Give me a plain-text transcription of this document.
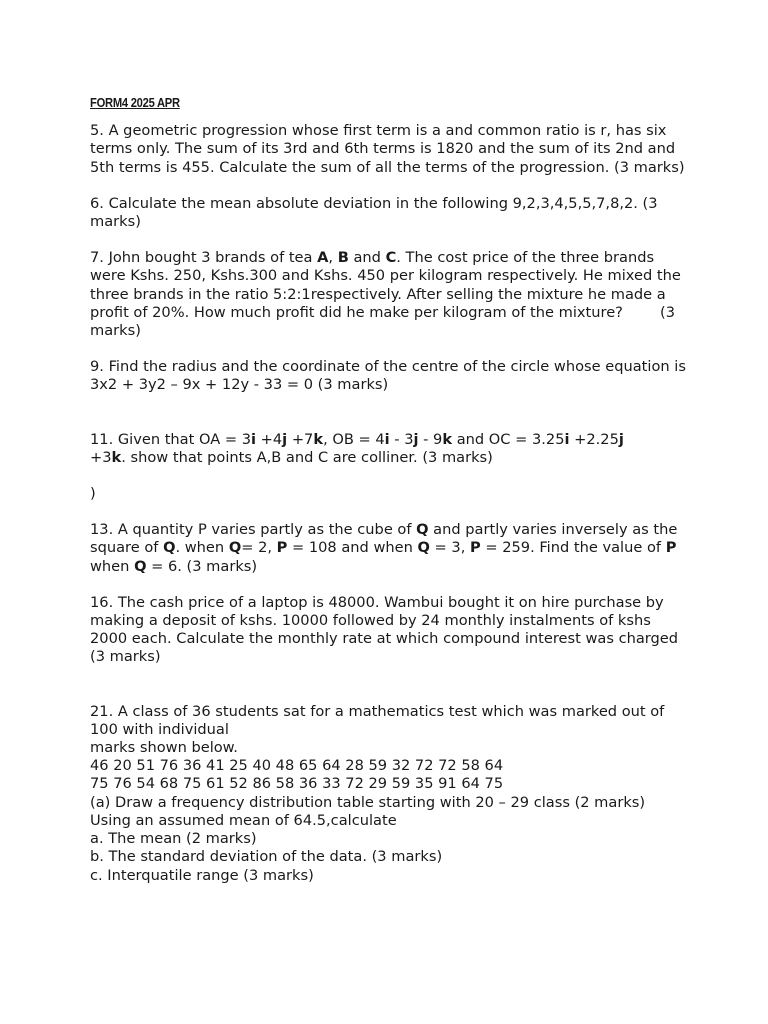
FORM4 2025 APR

5. A geometric progression whose first term is a and common ratio is r, has six terms only. The sum of its 3rd and 6th terms is 1820 and the sum of its 2nd and 5th terms is 455. Calculate the sum of all the terms of the progression. (3 marks)

6. Calculate the mean absolute deviation in the following 9,2,3,4,5,5,7,8,2. (3 marks)

7. John bought 3 brands of tea A, B and C. The cost price of the three brands were Kshs. 250, Kshs.300 and Kshs. 450 per kilogram respectively. He mixed the three brands in the ratio 5:2:1respectively. After selling the mixture he made a profit of 20%. How much profit did he make per kilogram of the mixture?        (3 marks)

9. Find the radius and the coordinate of the centre of the circle whose equation is
3x2 + 3y2 – 9x + 12y - 33 = 0 (3 marks)

11. Given that OA = 3i +4j +7k, OB = 4i - 3j - 9k and OC = 3.25i +2.25j
+3k. show that points A,B and C are colliner. (3 marks)

)

13. A quantity P varies partly as the cube of Q and partly varies inversely as the square of Q. when Q= 2, P = 108 and when Q = 3, P = 259. Find the value of P when Q = 6. (3 marks)

16. The cash price of a laptop is 48000. Wambui bought it on hire purchase by making a deposit of kshs. 10000 followed by 24 monthly instalments of kshs 2000 each. Calculate the monthly rate at which compound interest was charged (3 marks)

21. A class of 36 students sat for a mathematics test which was marked out of 100 with individual
marks shown below.
46 20 51 76 36 41 25 40 48 65 64 28 59 32 72 72 58 64
75 76 54 68 75 61 52 86 58 36 33 72 29 59 35 91 64 75
(a) Draw a frequency distribution table starting with 20 – 29 class (2 marks)
Using an assumed mean of 64.5,calculate
a. The mean (2 marks)
b. The standard deviation of the data. (3 marks)
c. Interquatile range (3 marks)
